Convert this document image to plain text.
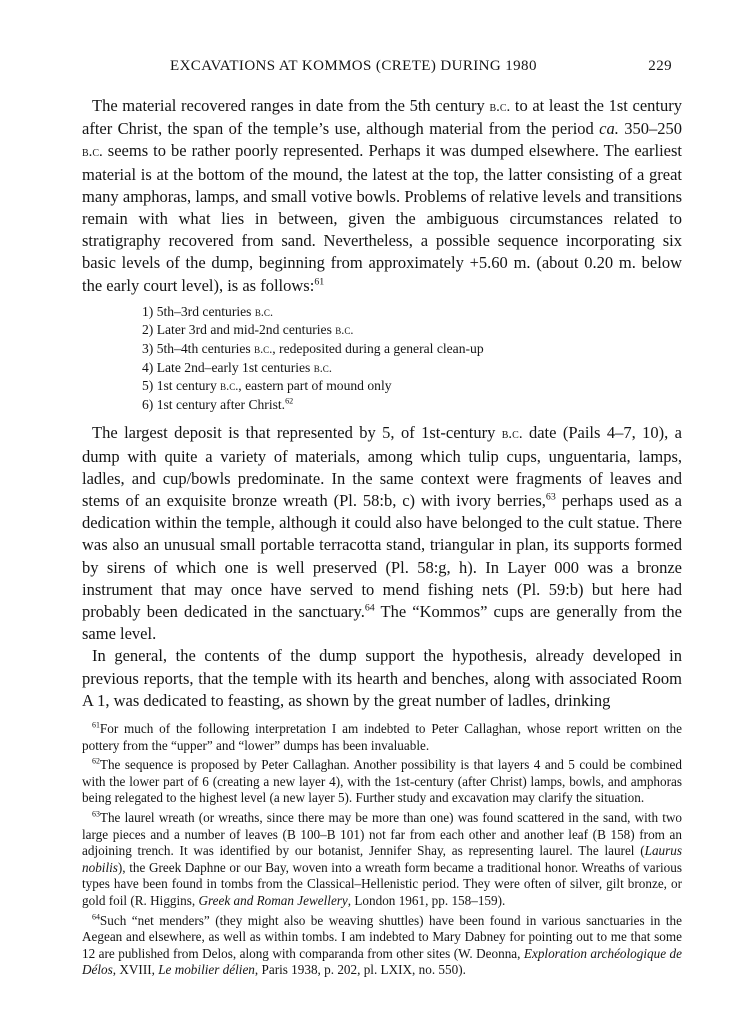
EXCAVATIONS AT KOMMOS (CRETE) DURING 1980	229

The material recovered ranges in date from the 5th century b.c. to at least the 1st century after Christ, the span of the temple’s use, although material from the period ca. 350–250 b.c. seems to be rather poorly represented. Perhaps it was dumped elsewhere. The earliest material is at the bottom of the mound, the latest at the top, the latter consisting of a great many amphoras, lamps, and small votive bowls. Problems of relative levels and transitions remain with what lies in between, given the ambiguous circumstances related to stratigraphy recovered from sand. Nevertheless, a possible sequence incorporating six basic levels of the dump, beginning from approximately +5.60 m. (about 0.20 m. below the early court level), is as follows:$^{61}$

1) 5th–3rd centuries b.c.
2) Later 3rd and mid-2nd centuries b.c.
3) 5th–4th centuries b.c., redeposited during a general clean-up
4) Late 2nd–early 1st centuries b.c.
5) 1st century b.c., eastern part of mound only
6) 1st century after Christ.$^{62}$

The largest deposit is that represented by 5, of 1st-century b.c. date (Pails 4–7, 10), a dump with quite a variety of materials, among which tulip cups, unguentaria, lamps, ladles, and cup/bowls predominate. In the same context were fragments of leaves and stems of an exquisite bronze wreath (Pl. 58:b, c) with ivory berries,$^{63}$ perhaps used as a dedication within the temple, although it could also have belonged to the cult statue. There was also an unusual small portable terracotta stand, triangular in plan, its supports formed by sirens of which one is well preserved (Pl. 58:g, h). In Layer 000 was a bronze instrument that may once have served to mend fishing nets (Pl. 59:b) but here had probably been dedicated in the sanctuary.$^{64}$ The “Kommos” cups are generally from the same level.

In general, the contents of the dump support the hypothesis, already developed in previous reports, that the temple with its hearth and benches, along with associated Room A 1, was dedicated to feasting, as shown by the great number of ladles, drinking

$^{61}$For much of the following interpretation I am indebted to Peter Callaghan, whose report written on the pottery from the “upper” and “lower” dumps has been invaluable.

$^{62}$The sequence is proposed by Peter Callaghan. Another possibility is that layers 4 and 5 could be combined with the lower part of 6 (creating a new layer 4), with the 1st-century (after Christ) lamps, bowls, and amphoras being relegated to the highest level (a new layer 5). Further study and excavation may clarify the situation.

$^{63}$The laurel wreath (or wreaths, since there may be more than one) was found scattered in the sand, with two large pieces and a number of leaves (B 100–B 101) not far from each other and another leaf (B 158) from an adjoining trench. It was identified by our botanist, Jennifer Shay, as representing laurel. The laurel (Laurus nobilis), the Greek Daphne or our Bay, woven into a wreath form became a traditional honor. Wreaths of various types have been found in tombs from the Classical–Hellenistic period. They were often of silver, gilt bronze, or gold foil (R. Higgins, Greek and Roman Jewellery, London 1961, pp. 158–159).

$^{64}$Such “net menders” (they might also be weaving shuttles) have been found in various sanctuaries in the Aegean and elsewhere, as well as within tombs. I am indebted to Mary Dabney for pointing out to me that some 12 are published from Delos, along with comparanda from other sites (W. Deonna, Exploration archéologique de Délos, XVIII, Le mobilier délien, Paris 1938, p. 202, pl. LXIX, no. 550).
